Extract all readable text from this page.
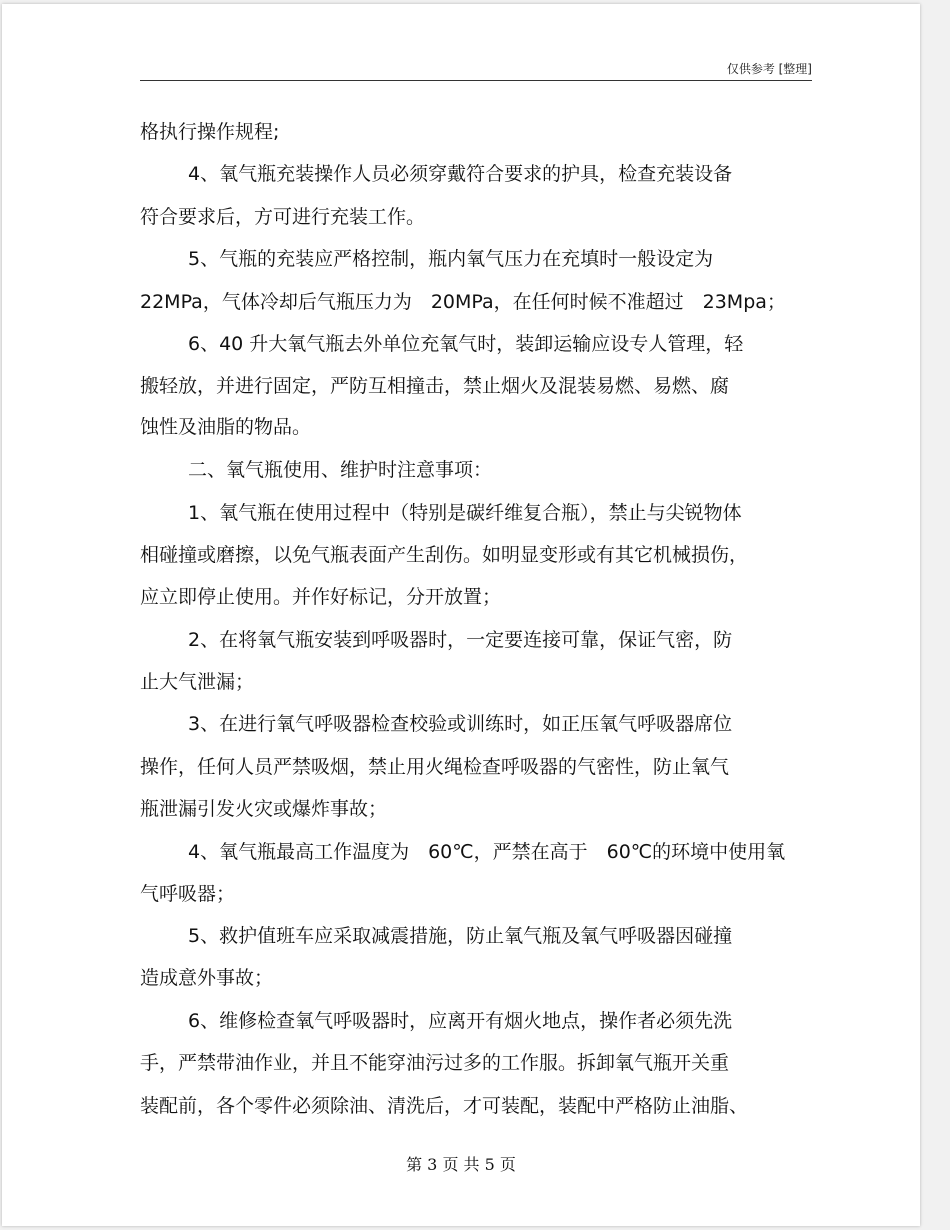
仅供参考 [整理]
格执行操作规程;
4、氧气瓶充装操作人员必须穿戴符合要求的护具，检查充装设备
符合要求后，方可进行充装工作。
5、气瓶的充装应严格控制，瓶内氧气压力在充填时一般设定为
22MPa，气体冷却后气瓶压力为　20MPa，在任何时候不准超过　23Mpa；
6、40 升大氧气瓶去外单位充氧气时，装卸运输应设专人管理，轻
搬轻放，并进行固定，严防互相撞击，禁止烟火及混装易燃、易燃、腐
蚀性及油脂的物品。
二、氧气瓶使用、维护时注意事项：
1、氧气瓶在使用过程中（特别是碳纤维复合瓶），禁止与尖锐物体
相碰撞或磨擦，以免气瓶表面产生刮伤。如明显变形或有其它机械损伤，
应立即停止使用。并作好标记，分开放置；
2、在将氧气瓶安装到呼吸器时，一定要连接可靠，保证气密，防
止大气泄漏；
3、在进行氧气呼吸器检查校验或训练时，如正压氧气呼吸器席位
操作，任何人员严禁吸烟，禁止用火绳检查呼吸器的气密性，防止氧气
瓶泄漏引发火灾或爆炸事故；
4、氧气瓶最高工作温度为　60℃，严禁在高于　60℃的环境中使用氧
气呼吸器；
5、救护值班车应采取减震措施，防止氧气瓶及氧气呼吸器因碰撞
造成意外事故；
6、维修检查氧气呼吸器时，应离开有烟火地点，操作者必须先洗
手，严禁带油作业，并且不能穿油污过多的工作服。拆卸氧气瓶开关重
装配前，各个零件必须除油、清洗后，才可装配，装配中严格防止油脂、
第 3 页 共 5 页
